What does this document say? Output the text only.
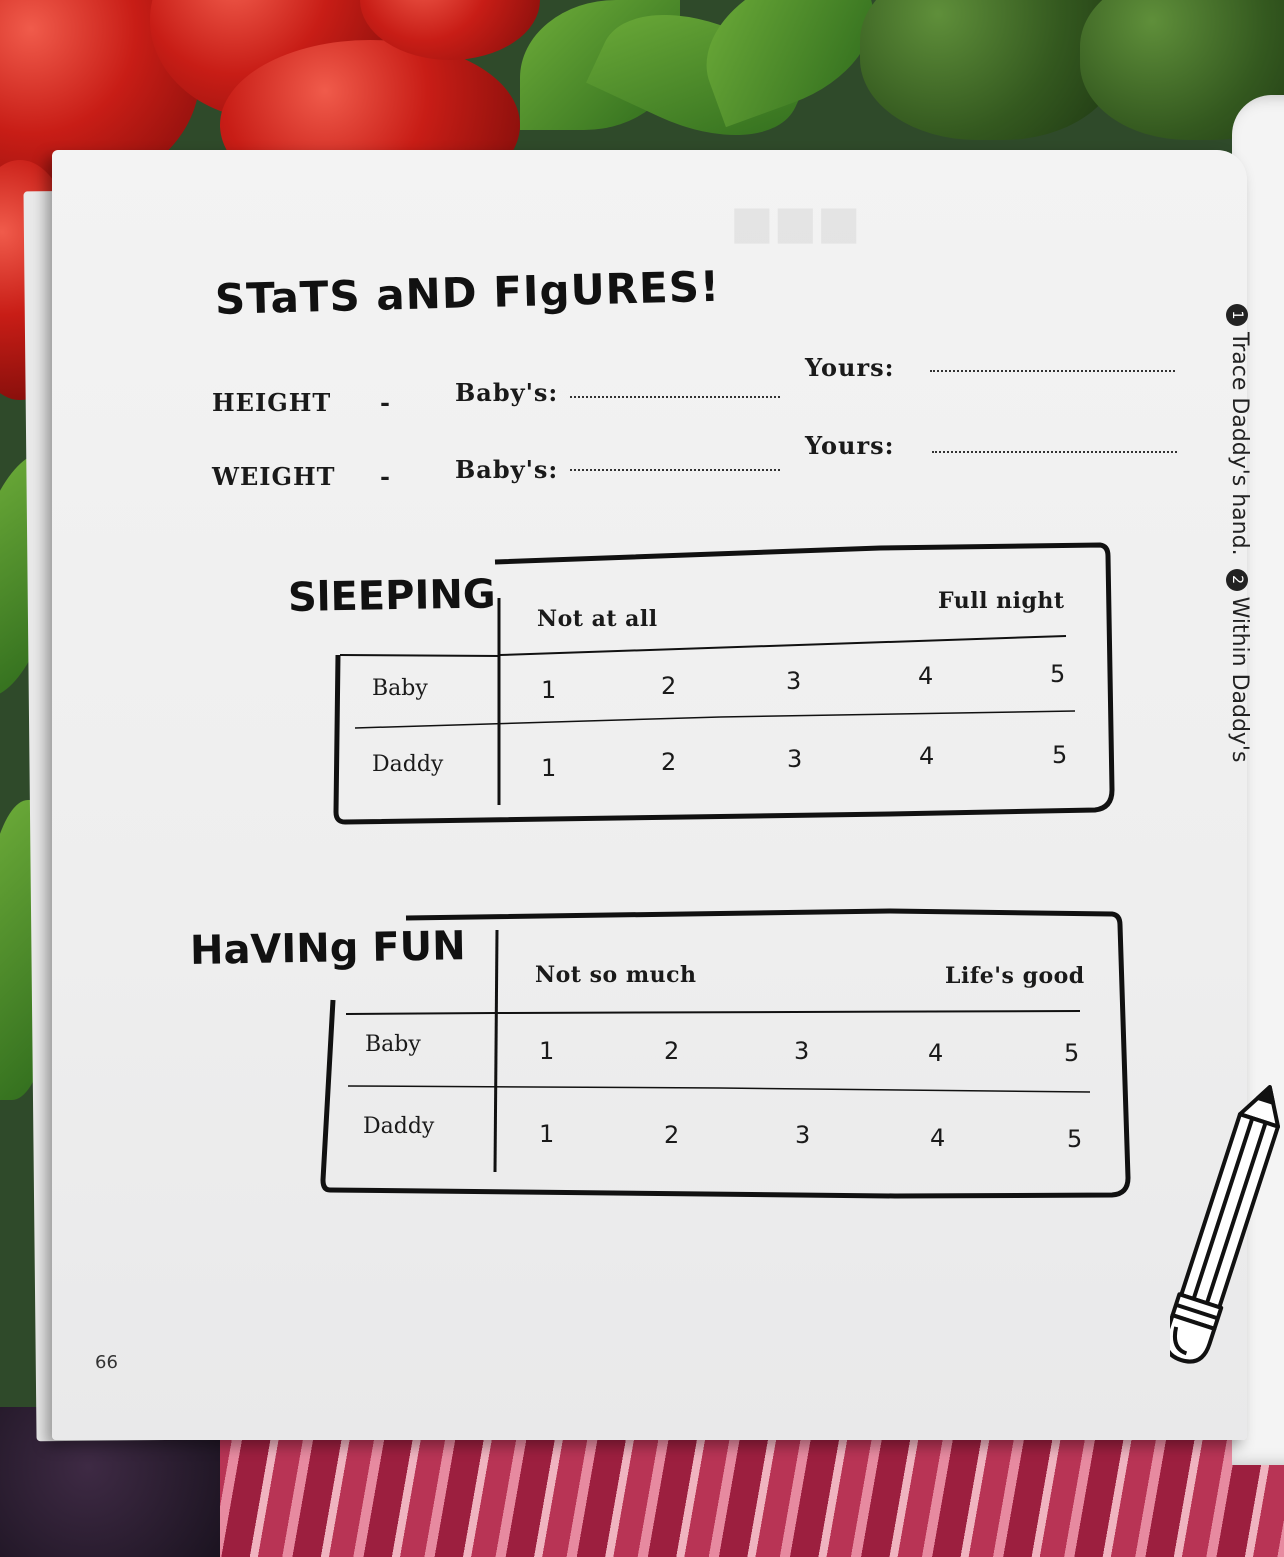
■■■
STaTS aND FIgURES!
HEIGHT -	Baby's:
Yours:
WEIGHT -	Baby's:
Yours:
SlEEPING Not at all
Full night
Baby	1	2	3	4	5
Daddy	1	2	3	4	5
HaVINg FUN
Not so much	Life's good
Baby	1	2	3	4	5
Daddy	1	2	3	4	5
66
1Trace Daddy's hand. 2Within Daddy's
